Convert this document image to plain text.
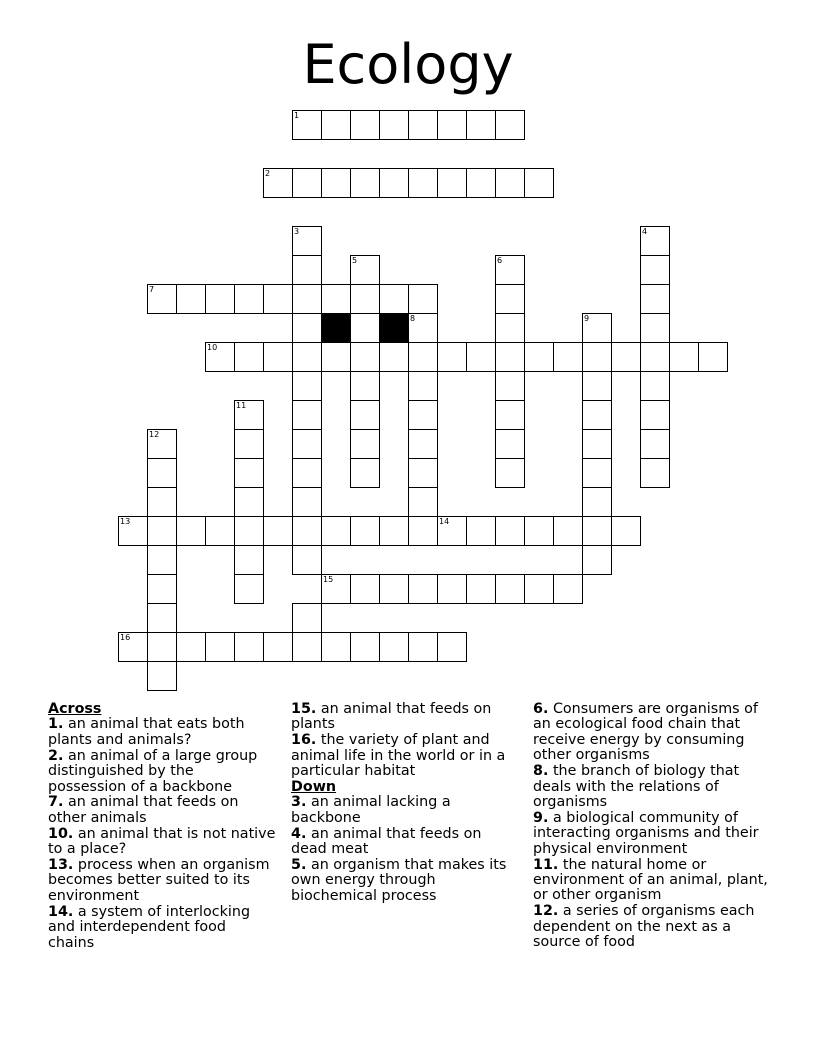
Ecology
1
2
7
10
13	14
15
16
3	4
5	6
8	9
11
12
Across
1. an animal that eats both plants and animals?
2. an animal of a large group distinguished by the possession of a backbone
7. an animal that feeds on other animals
10. an animal that is not native to a place?
13. process when an organism becomes better suited to its environment
14. a system of interlocking and interdependent food chains
15. an animal that feeds on plants
16. the variety of plant and animal life in the world or in a particular habitat
Down
3. an animal lacking a backbone
4. an animal that feeds on dead meat
5. an organism that makes its own energy through biochemical process
6. Consumers are organisms of an ecological food chain that receive energy by consuming other organisms
8. the branch of biology that deals with the relations of organisms
9. a biological community of interacting organisms and their physical environment
11. the natural home or environment of an animal, plant, or other organism
12. a series of organisms each dependent on the next as a source of food
